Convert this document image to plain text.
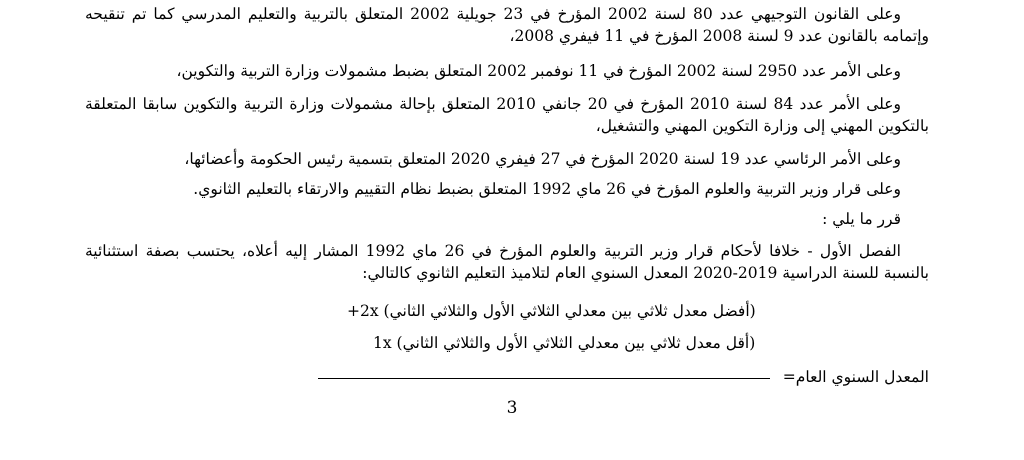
وعلى القانون التوجيهي عدد 80 لسنة 2002 المؤرخ في 23 جويلية 2002 المتعلق بالتربية والتعليم المدرسي كما تم تنقيحه وإتمامه بالقانون عدد 9 لسنة 2008 المؤرخ في 11 فيفري 2008،
وعلى الأمر عدد 2950 لسنة 2002 المؤرخ في 11 نوفمبر 2002 المتعلق بضبط مشمولات وزارة التربية والتكوين،
وعلى الأمر عدد 84 لسنة 2010 المؤرخ في 20 جانفي 2010 المتعلق بإحالة مشمولات وزارة التربية والتكوين سابقا المتعلقة بالتكوين المهني إلى وزارة التكوين المهني والتشغيل،
وعلى الأمر الرئاسي عدد 19 لسنة 2020 المؤرخ في 27 فيفري 2020 المتعلق بتسمية رئيس الحكومة وأعضائها،
وعلى قرار وزير التربية والعلوم المؤرخ في 26 ماي 1992 المتعلق بضبط نظام التقييم والارتقاء بالتعليم الثانوي.
قرر ما يلي :
الفصل الأول - خلافا لأحكام قرار وزير التربية والعلوم المؤرخ في 26 ماي 1992 المشار إليه أعلاه، يحتسب بصفة استثنائية بالنسبة للسنة الدراسية 2019-2020 المعدل السنوي العام لتلاميذ التعليم الثانوي كالتالي:
(أفضل معدل ثلاثي بين معدلي الثلاثي الأول والثلاثي الثاني) 2x+
(أقل معدل ثلاثي بين معدلي الثلاثي الأول والثلاثي الثاني) 1x
المعدل السنوي العام=
3
